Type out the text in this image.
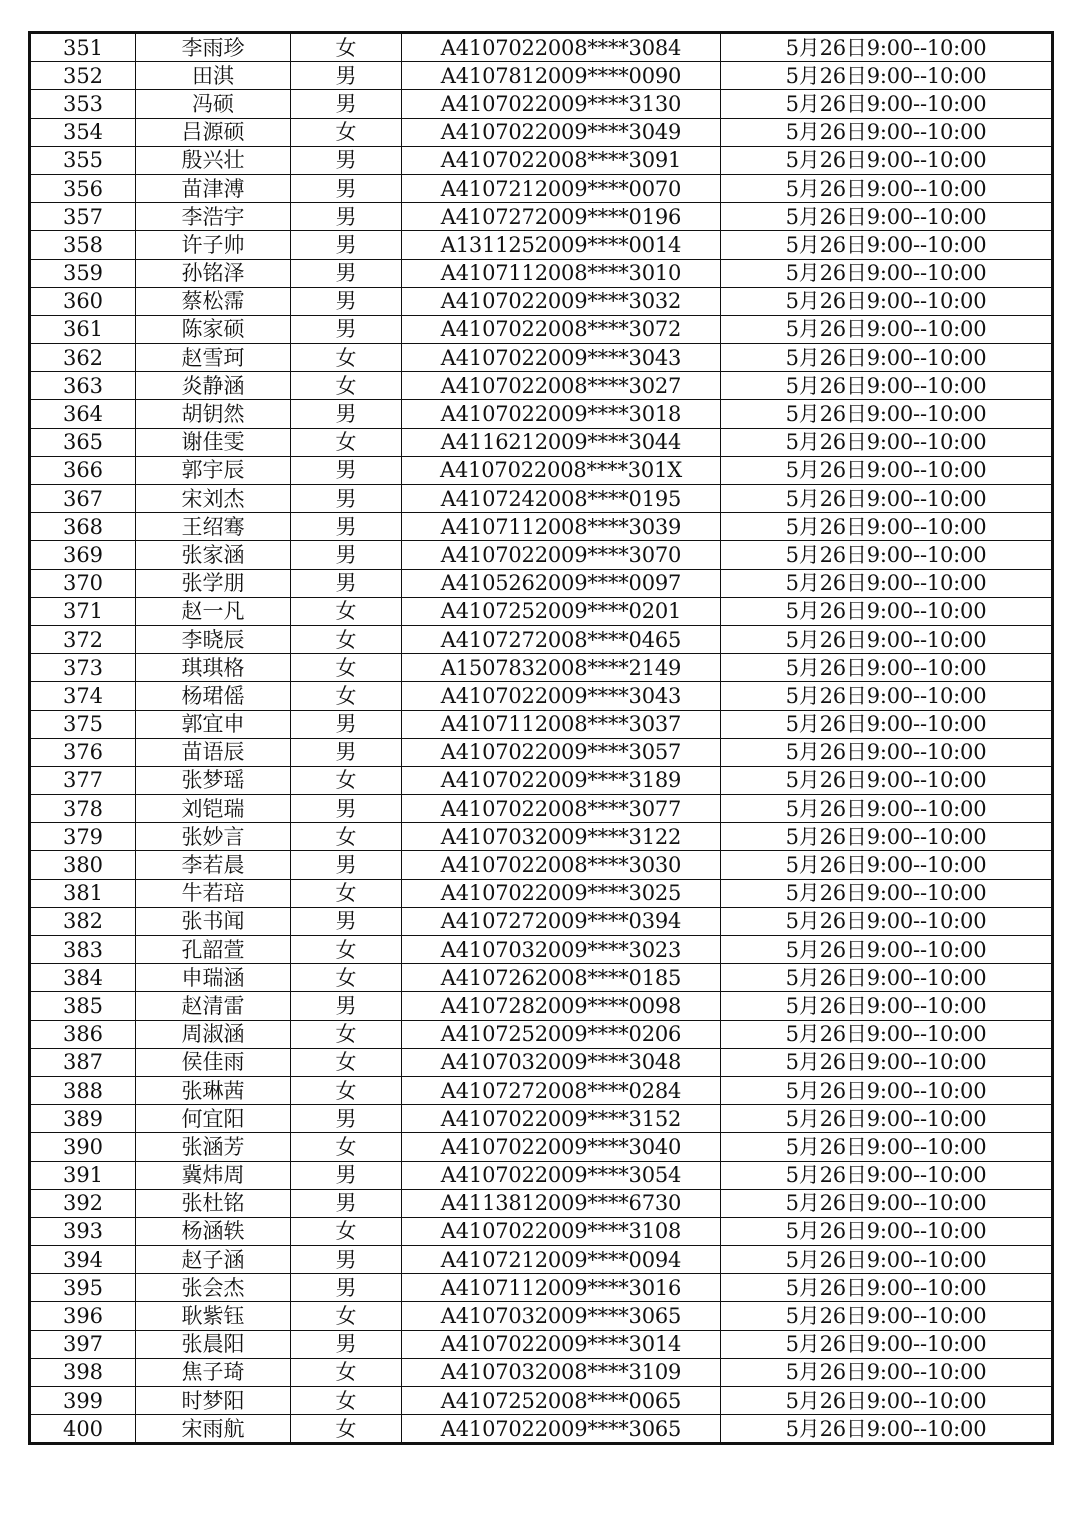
351	李雨珍	女	A4107022008****3084	5月26日9:00--10:00
352	田淇	男	A4107812009****0090	5月26日9:00--10:00
353	冯硕	男	A4107022009****3130	5月26日9:00--10:00
354	吕源硕	女	A4107022009****3049	5月26日9:00--10:00
355	殷兴壮	男	A4107022008****3091	5月26日9:00--10:00
356	苗津溥	男	A4107212009****0070	5月26日9:00--10:00
357	李浩宇	男	A4107272009****0196	5月26日9:00--10:00
358	许子帅	男	A1311252009****0014	5月26日9:00--10:00
359	孙铭泽	男	A4107112008****3010	5月26日9:00--10:00
360	蔡松霈	男	A4107022009****3032	5月26日9:00--10:00
361	陈家硕	男	A4107022008****3072	5月26日9:00--10:00
362	赵雪珂	女	A4107022009****3043	5月26日9:00--10:00
363	炎静涵	女	A4107022008****3027	5月26日9:00--10:00
364	胡钥然	男	A4107022009****3018	5月26日9:00--10:00
365	谢佳雯	女	A4116212009****3044	5月26日9:00--10:00
366	郭宇辰	男	A4107022008****301X	5月26日9:00--10:00
367	宋刘杰	男	A4107242008****0195	5月26日9:00--10:00
368	王绍骞	男	A4107112008****3039	5月26日9:00--10:00
369	张家涵	男	A4107022009****3070	5月26日9:00--10:00
370	张学朋	男	A4105262009****0097	5月26日9:00--10:00
371	赵一凡	女	A4107252009****0201	5月26日9:00--10:00
372	李晓辰	女	A4107272008****0465	5月26日9:00--10:00
373	琪琪格	女	A1507832008****2149	5月26日9:00--10:00
374	杨珺傜	女	A4107022009****3043	5月26日9:00--10:00
375	郭宜申	男	A4107112008****3037	5月26日9:00--10:00
376	苗语辰	男	A4107022009****3057	5月26日9:00--10:00
377	张梦瑶	女	A4107022009****3189	5月26日9:00--10:00
378	刘铠瑞	男	A4107022008****3077	5月26日9:00--10:00
379	张妙言	女	A4107032009****3122	5月26日9:00--10:00
380	李若晨	男	A4107022008****3030	5月26日9:00--10:00
381	牛若琣	女	A4107022009****3025	5月26日9:00--10:00
382	张书闻	男	A4107272009****0394	5月26日9:00--10:00
383	孔韶萱	女	A4107032009****3023	5月26日9:00--10:00
384	申瑞涵	女	A4107262008****0185	5月26日9:00--10:00
385	赵清雷	男	A4107282009****0098	5月26日9:00--10:00
386	周淑涵	女	A4107252009****0206	5月26日9:00--10:00
387	侯佳雨	女	A4107032009****3048	5月26日9:00--10:00
388	张琳茜	女	A4107272008****0284	5月26日9:00--10:00
389	何宜阳	男	A4107022009****3152	5月26日9:00--10:00
390	张涵芳	女	A4107022009****3040	5月26日9:00--10:00
391	冀炜周	男	A4107022009****3054	5月26日9:00--10:00
392	张杜铭	男	A4113812009****6730	5月26日9:00--10:00
393	杨涵轶	女	A4107022009****3108	5月26日9:00--10:00
394	赵子涵	男	A4107212009****0094	5月26日9:00--10:00
395	张会杰	男	A4107112009****3016	5月26日9:00--10:00
396	耿紫钰	女	A4107032009****3065	5月26日9:00--10:00
397	张晨阳	男	A4107022009****3014	5月26日9:00--10:00
398	焦子琦	女	A4107032008****3109	5月26日9:00--10:00
399	时梦阳	女	A4107252008****0065	5月26日9:00--10:00
400	宋雨航	女	A4107022009****3065	5月26日9:00--10:00
